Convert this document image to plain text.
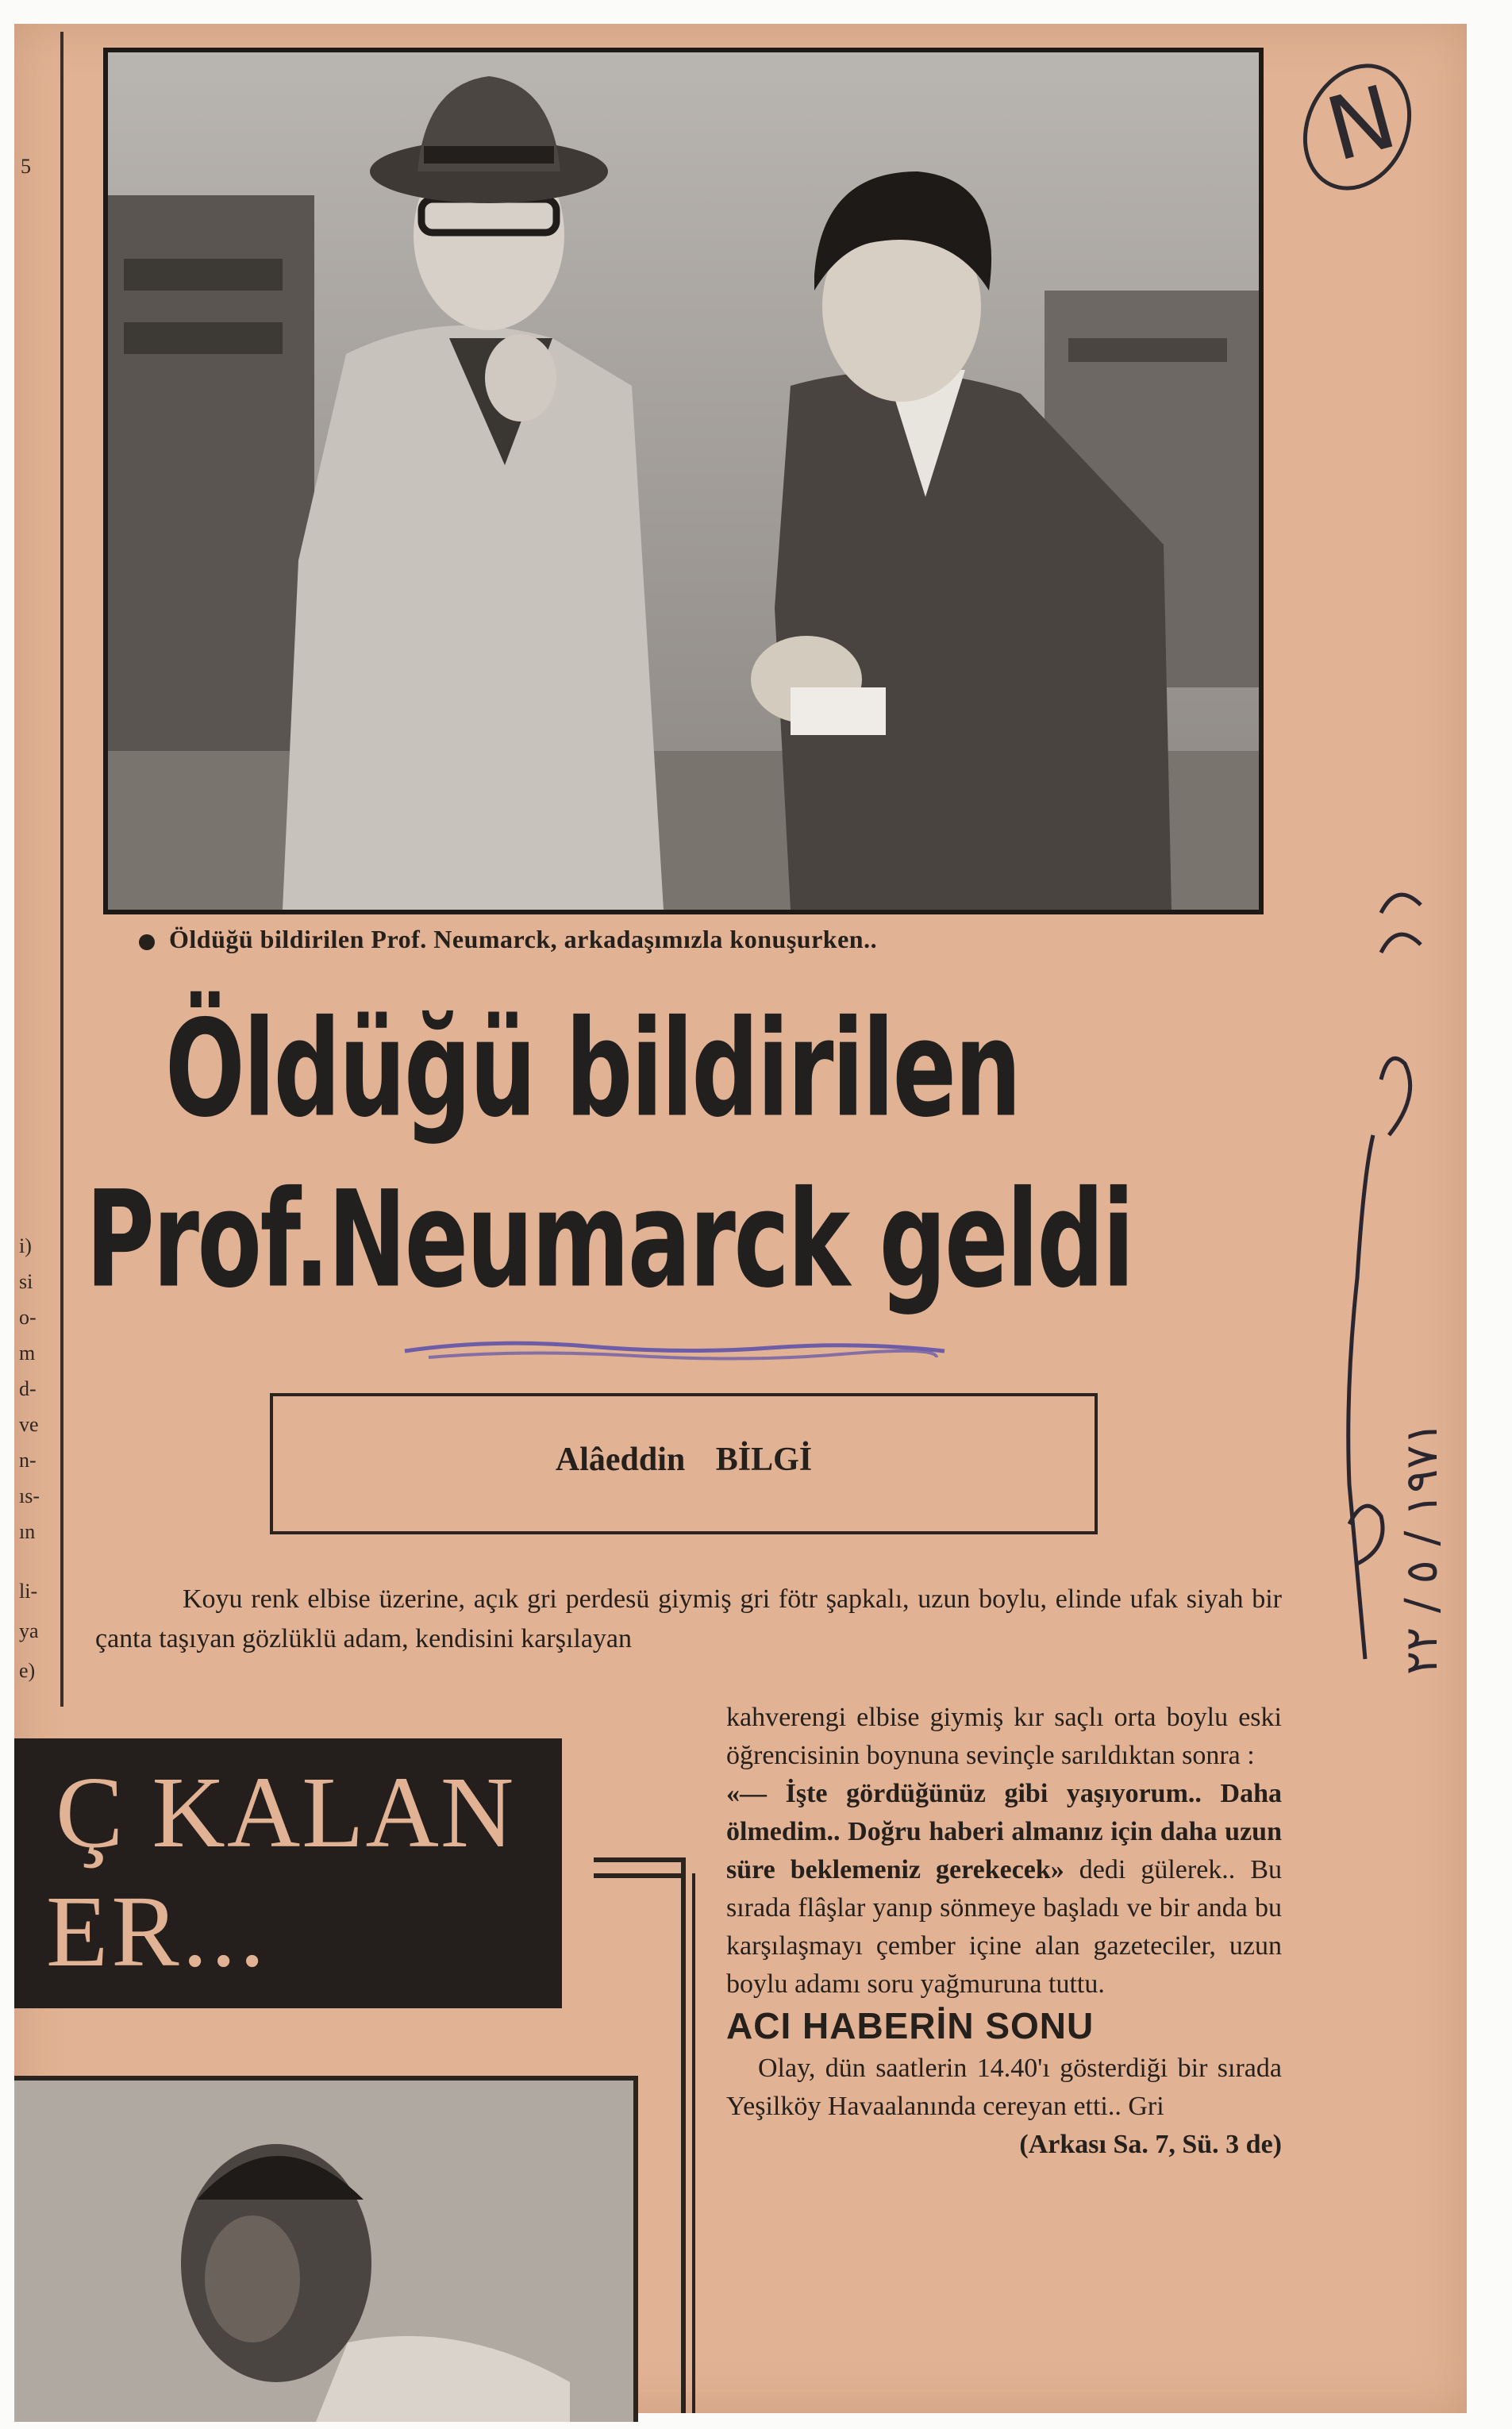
5
i)
si
o-
m
d-
ve
n-
ıs-
ın
li-
ya
e)
Öldüğü bildirilen Prof. Neumarck, arkadaşımızla konuşurken..
Öldüğü bildirilen
Prof.Neumarck geldi
Alâeddin BİLGİ

Koyu renk elbise üzerine, açık gri perdesü giymiş gri fötr şapkalı, uzun boylu, elinde ufak siyah bir çanta taşıyan gözlüklü adam, kendisini karşılayan

kahverengi elbise giymiş kır saçlı orta boylu eski öğrencisinin boynuna sevinçle sarıldıktan sonra :

«— İşte gördüğünüz gibi yaşıyorum.. Daha ölmedim.. Doğru haberi almanız için daha uzun süre beklemeniz gerekecek» dedi gülerek.. Bu sırada flâşlar yanıp sönmeye başladı ve bir anda bu karşılaşmayı çember içine alan gazeteciler, uzun boylu adamı soru yağmuruna tuttu.

ACI HABERİN SONU

Olay, dün saatlerin 14.40'ı gösterdiği bir sırada Yeşilköy Havaalanında cereyan etti.. Gri

(Arkası Sa. 7, Sü. 3 de)

Ç KALAN
ER...
N
١٩٧١ / ٥ / ٢٢
